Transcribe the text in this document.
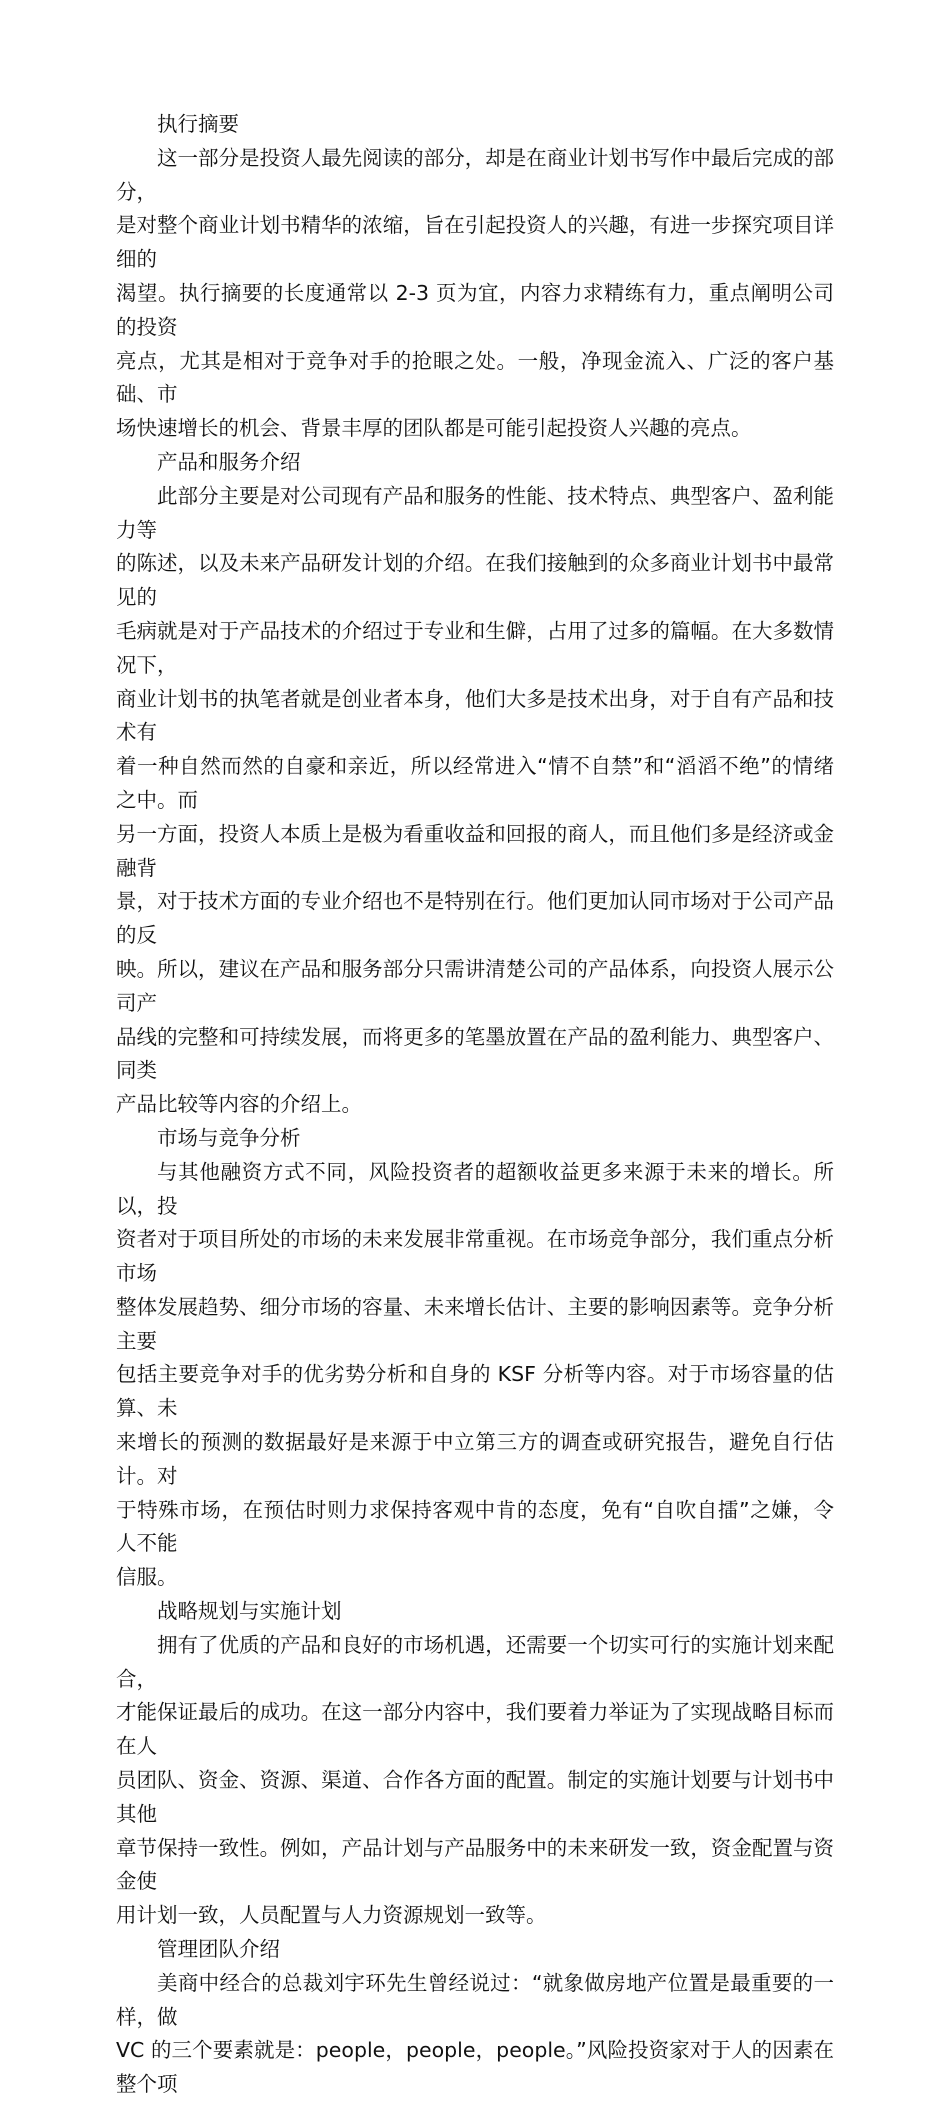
执行摘要

这一部分是投资人最先阅读的部分，却是在商业计划书写作中最后完成的部分，
是对整个商业计划书精华的浓缩，旨在引起投资人的兴趣，有进一步探究项目详细的
渴望。执行摘要的长度通常以 2-3 页为宜，内容力求精练有力，重点阐明公司的投资
亮点，尤其是相对于竞争对手的抢眼之处。一般，净现金流入、广泛的客户基础、市
场快速增长的机会、背景丰厚的团队都是可能引起投资人兴趣的亮点。

产品和服务介绍

此部分主要是对公司现有产品和服务的性能、技术特点、典型客户、盈利能力等
的陈述，以及未来产品研发计划的介绍。在我们接触到的众多商业计划书中最常见的
毛病就是对于产品技术的介绍过于专业和生僻，占用了过多的篇幅。在大多数情况下，
商业计划书的执笔者就是创业者本身，他们大多是技术出身，对于自有产品和技术有
着一种自然而然的自豪和亲近，所以经常进入“情不自禁”和“滔滔不绝”的情绪之中。而
另一方面，投资人本质上是极为看重收益和回报的商人，而且他们多是经济或金融背
景，对于技术方面的专业介绍也不是特别在行。他们更加认同市场对于公司产品的反
映。所以，建议在产品和服务部分只需讲清楚公司的产品体系，向投资人展示公司产
品线的完整和可持续发展，而将更多的笔墨放置在产品的盈利能力、典型客户、同类
产品比较等内容的介绍上。

市场与竞争分析

与其他融资方式不同，风险投资者的超额收益更多来源于未来的增长。所以，投
资者对于项目所处的市场的未来发展非常重视。在市场竞争部分，我们重点分析市场
整体发展趋势、细分市场的容量、未来增长估计、主要的影响因素等。竞争分析主要
包括主要竞争对手的优劣势分析和自身的 KSF 分析等内容。对于市场容量的估算、未
来增长的预测的数据最好是来源于中立第三方的调查或研究报告，避免自行估计。对
于特殊市场，在预估时则力求保持客观中肯的态度，免有“自吹自擂”之嫌，令人不能
信服。

战略规划与实施计划

拥有了优质的产品和良好的市场机遇，还需要一个切实可行的实施计划来配合，
才能保证最后的成功。在这一部分内容中，我们要着力举证为了实现战略目标而在人
员团队、资金、资源、渠道、合作各方面的配置。制定的实施计划要与计划书中其他
章节保持一致性。例如，产品计划与产品服务中的未来研发一致，资金配置与资金使
用计划一致，人员配置与人力资源规划一致等。

管理团队介绍

美商中经合的总裁刘宇环先生曾经说过：“就象做房地产位置是最重要的一样，做
VC 的三个要素就是：people，people，people。”风险投资家对于人的因素在整个项
